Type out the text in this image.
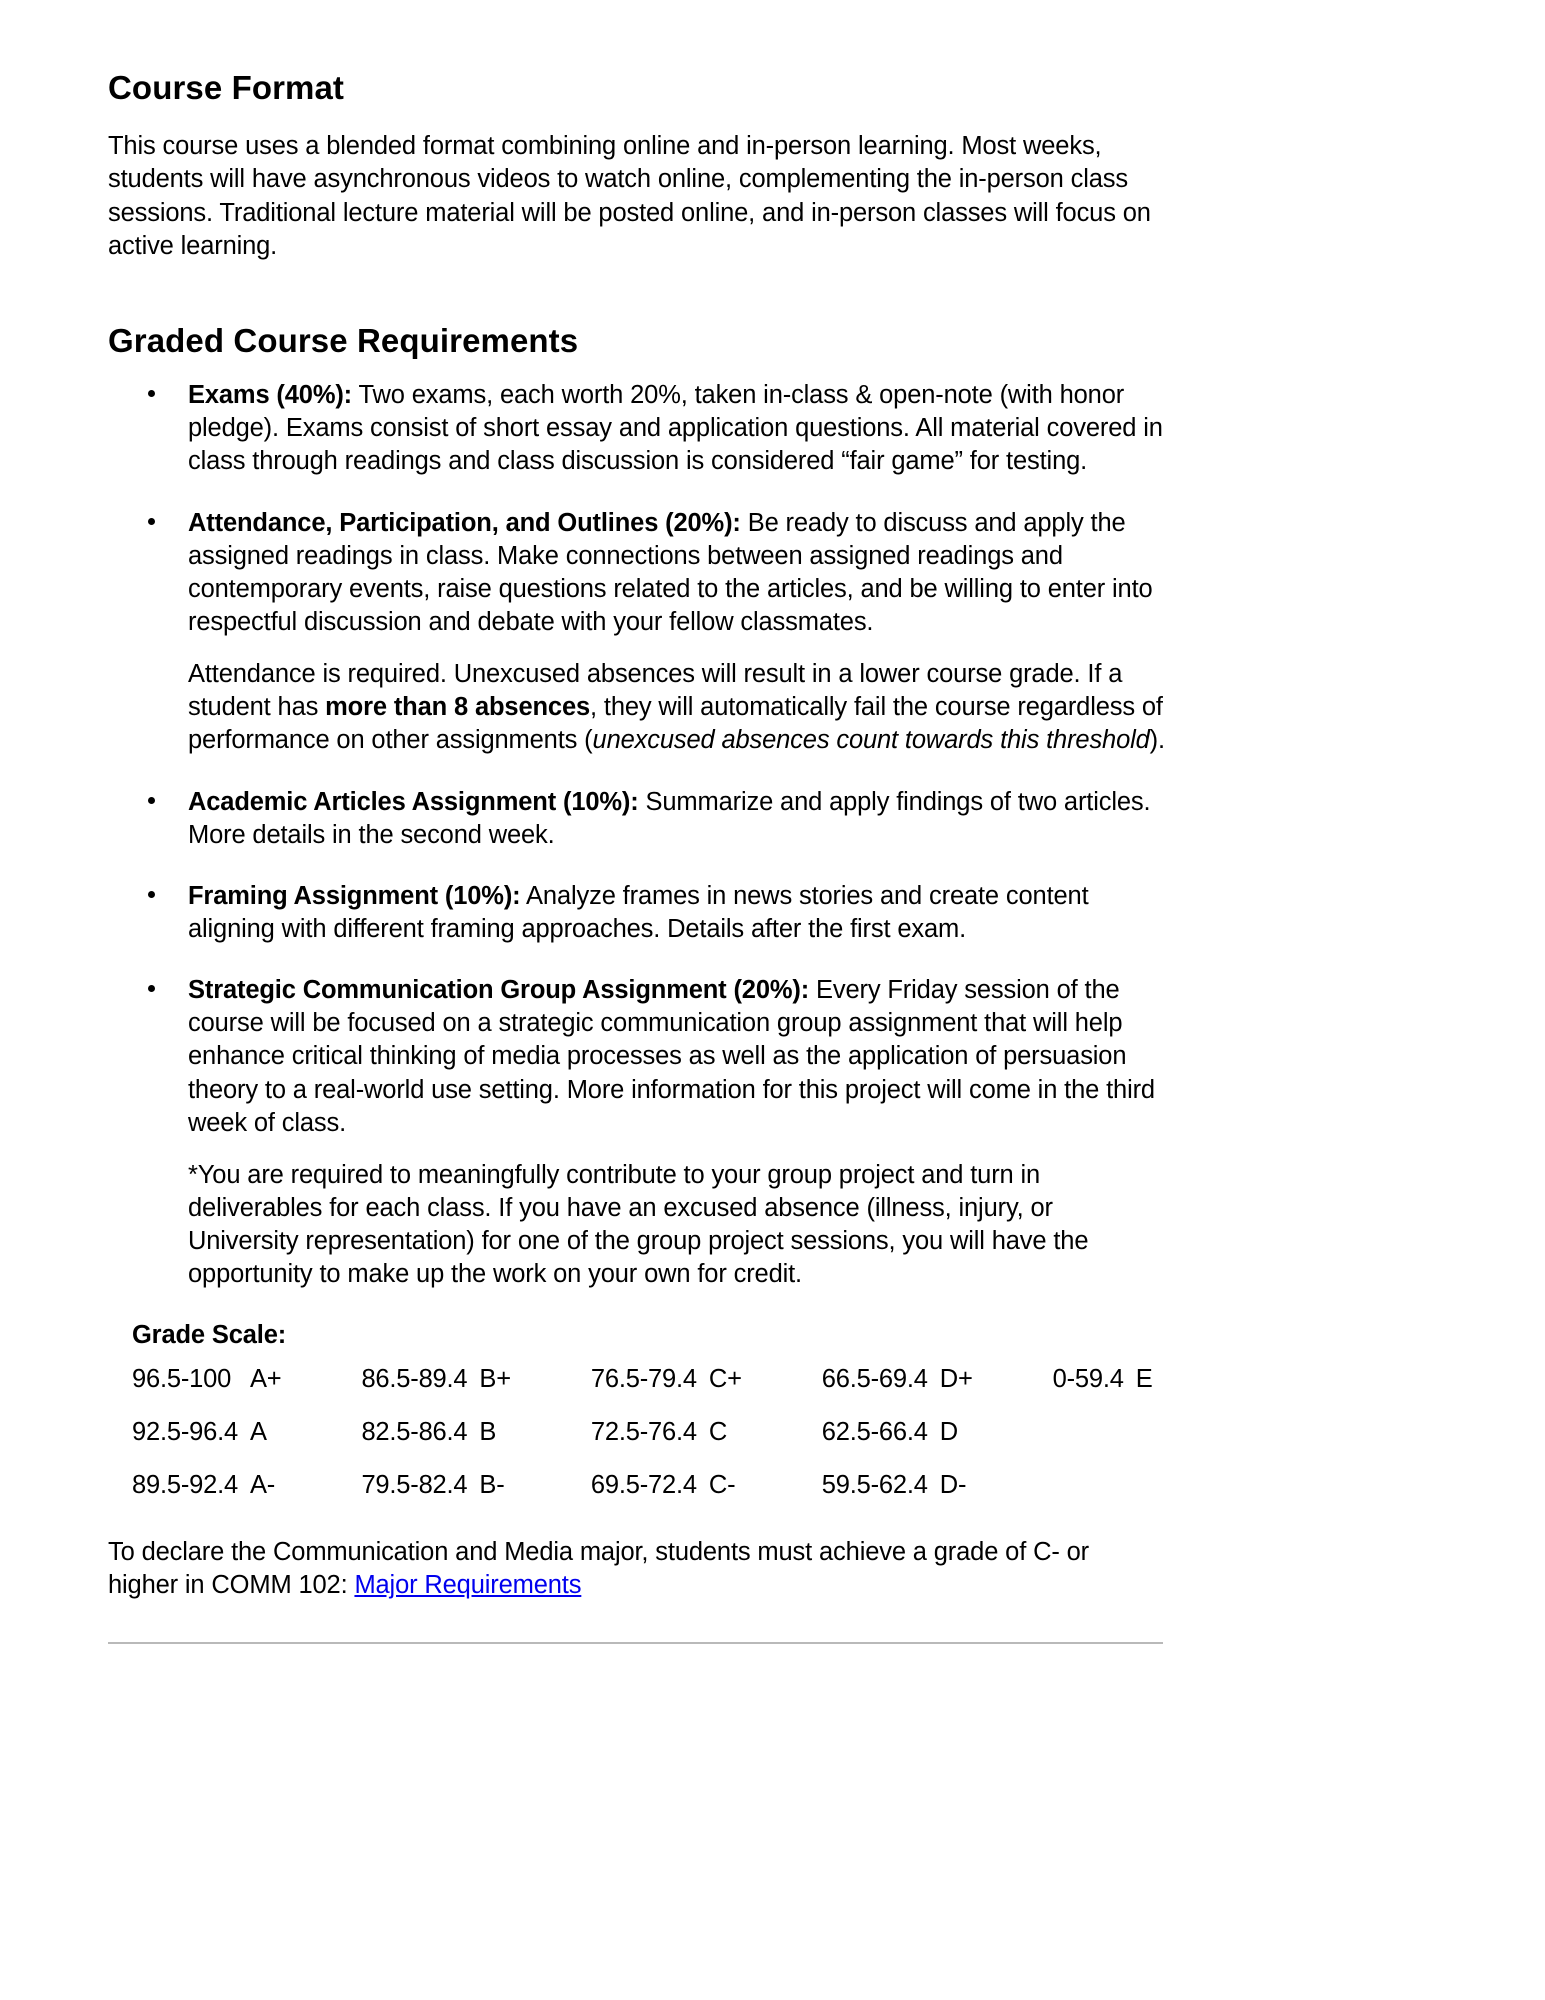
Course Format

This course uses a blended format combining online and in-person learning. Most weeks, students will have asynchronous videos to watch online, complementing the in-person class sessions. Traditional lecture material will be posted online, and in-person classes will focus on active learning.

Graded Course Requirements

Exams (40%): Two exams, each worth 20%, taken in-class & open-note (with honor pledge). Exams consist of short essay and application questions. All material covered in class through readings and class discussion is considered “fair game” for testing.

Attendance, Participation, and Outlines (20%): Be ready to discuss and apply the assigned readings in class. Make connections between assigned readings and contemporary events, raise questions related to the articles, and be willing to enter into respectful discussion and debate with your fellow classmates.

Attendance is required. Unexcused absences will result in a lower course grade. If a student has more than 8 absences, they will automatically fail the course regardless of performance on other assignments (unexcused absences count towards this threshold).

Academic Articles Assignment (10%): Summarize and apply findings of two articles. More details in the second week.

Framing Assignment (10%): Analyze frames in news stories and create content aligning with different framing approaches. Details after the first exam.

Strategic Communication Group Assignment (20%): Every Friday session of the course will be focused on a strategic communication group assignment that will help enhance critical thinking of media processes as well as the application of persuasion theory to a real-world use setting. More information for this project will come in the third week of class.

*You are required to meaningfully contribute to your group project and turn in deliverables for each class. If you have an excused absence (illness, injury, or University representation) for one of the group project sessions, you will have the opportunity to make up the work on your own for credit.

Grade Scale:

96.5-100	A+	86.5-89.4	B+	76.5-79.4	C+	66.5-69.4	D+	0-59.4	E
92.5-96.4	A	82.5-86.4	B	72.5-76.4	C	62.5-66.4	D		
89.5-92.4	A-	79.5-82.4	B-	69.5-72.4	C-	59.5-62.4	D-		

To declare the Communication and Media major, students must achieve a grade of C- or higher in COMM 102: Major Requirements
